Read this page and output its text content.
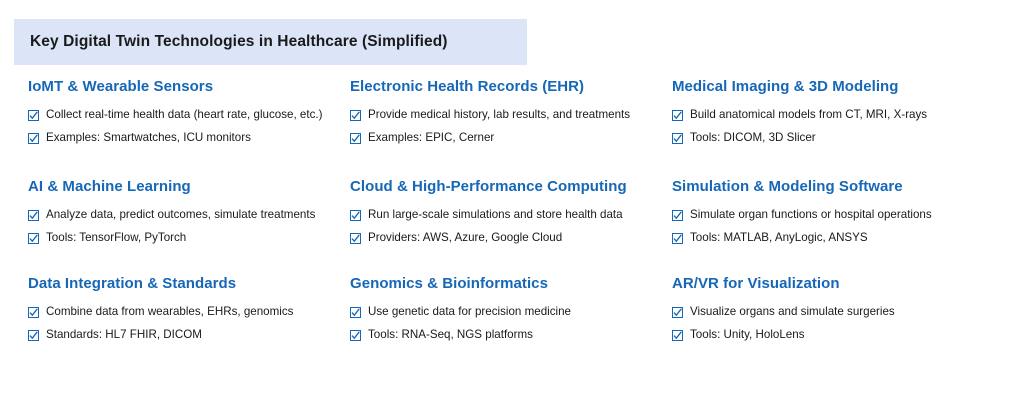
Key Digital Twin Technologies in Healthcare (Simplified)
IoMT & Wearable Sensors
Collect real-time health data (heart rate, glucose, etc.)
Examples: Smartwatches, ICU monitors
Electronic Health Records (EHR)
Provide medical history, lab results, and treatments
Examples: EPIC, Cerner
Medical Imaging & 3D Modeling
Build anatomical models from CT, MRI, X-rays
Tools: DICOM, 3D Slicer
AI & Machine Learning
Analyze data, predict outcomes, simulate treatments
Tools: TensorFlow, PyTorch
Cloud & High-Performance Computing
Run large-scale simulations and store health data
Providers: AWS, Azure, Google Cloud
Simulation & Modeling Software
Simulate organ functions or hospital operations
Tools: MATLAB, AnyLogic, ANSYS
Data Integration & Standards
Combine data from wearables, EHRs, genomics
Standards: HL7 FHIR, DICOM
Genomics & Bioinformatics
Use genetic data for precision medicine
Tools: RNA-Seq, NGS platforms
AR/VR for Visualization
Visualize organs and simulate surgeries
Tools: Unity, HoloLens
